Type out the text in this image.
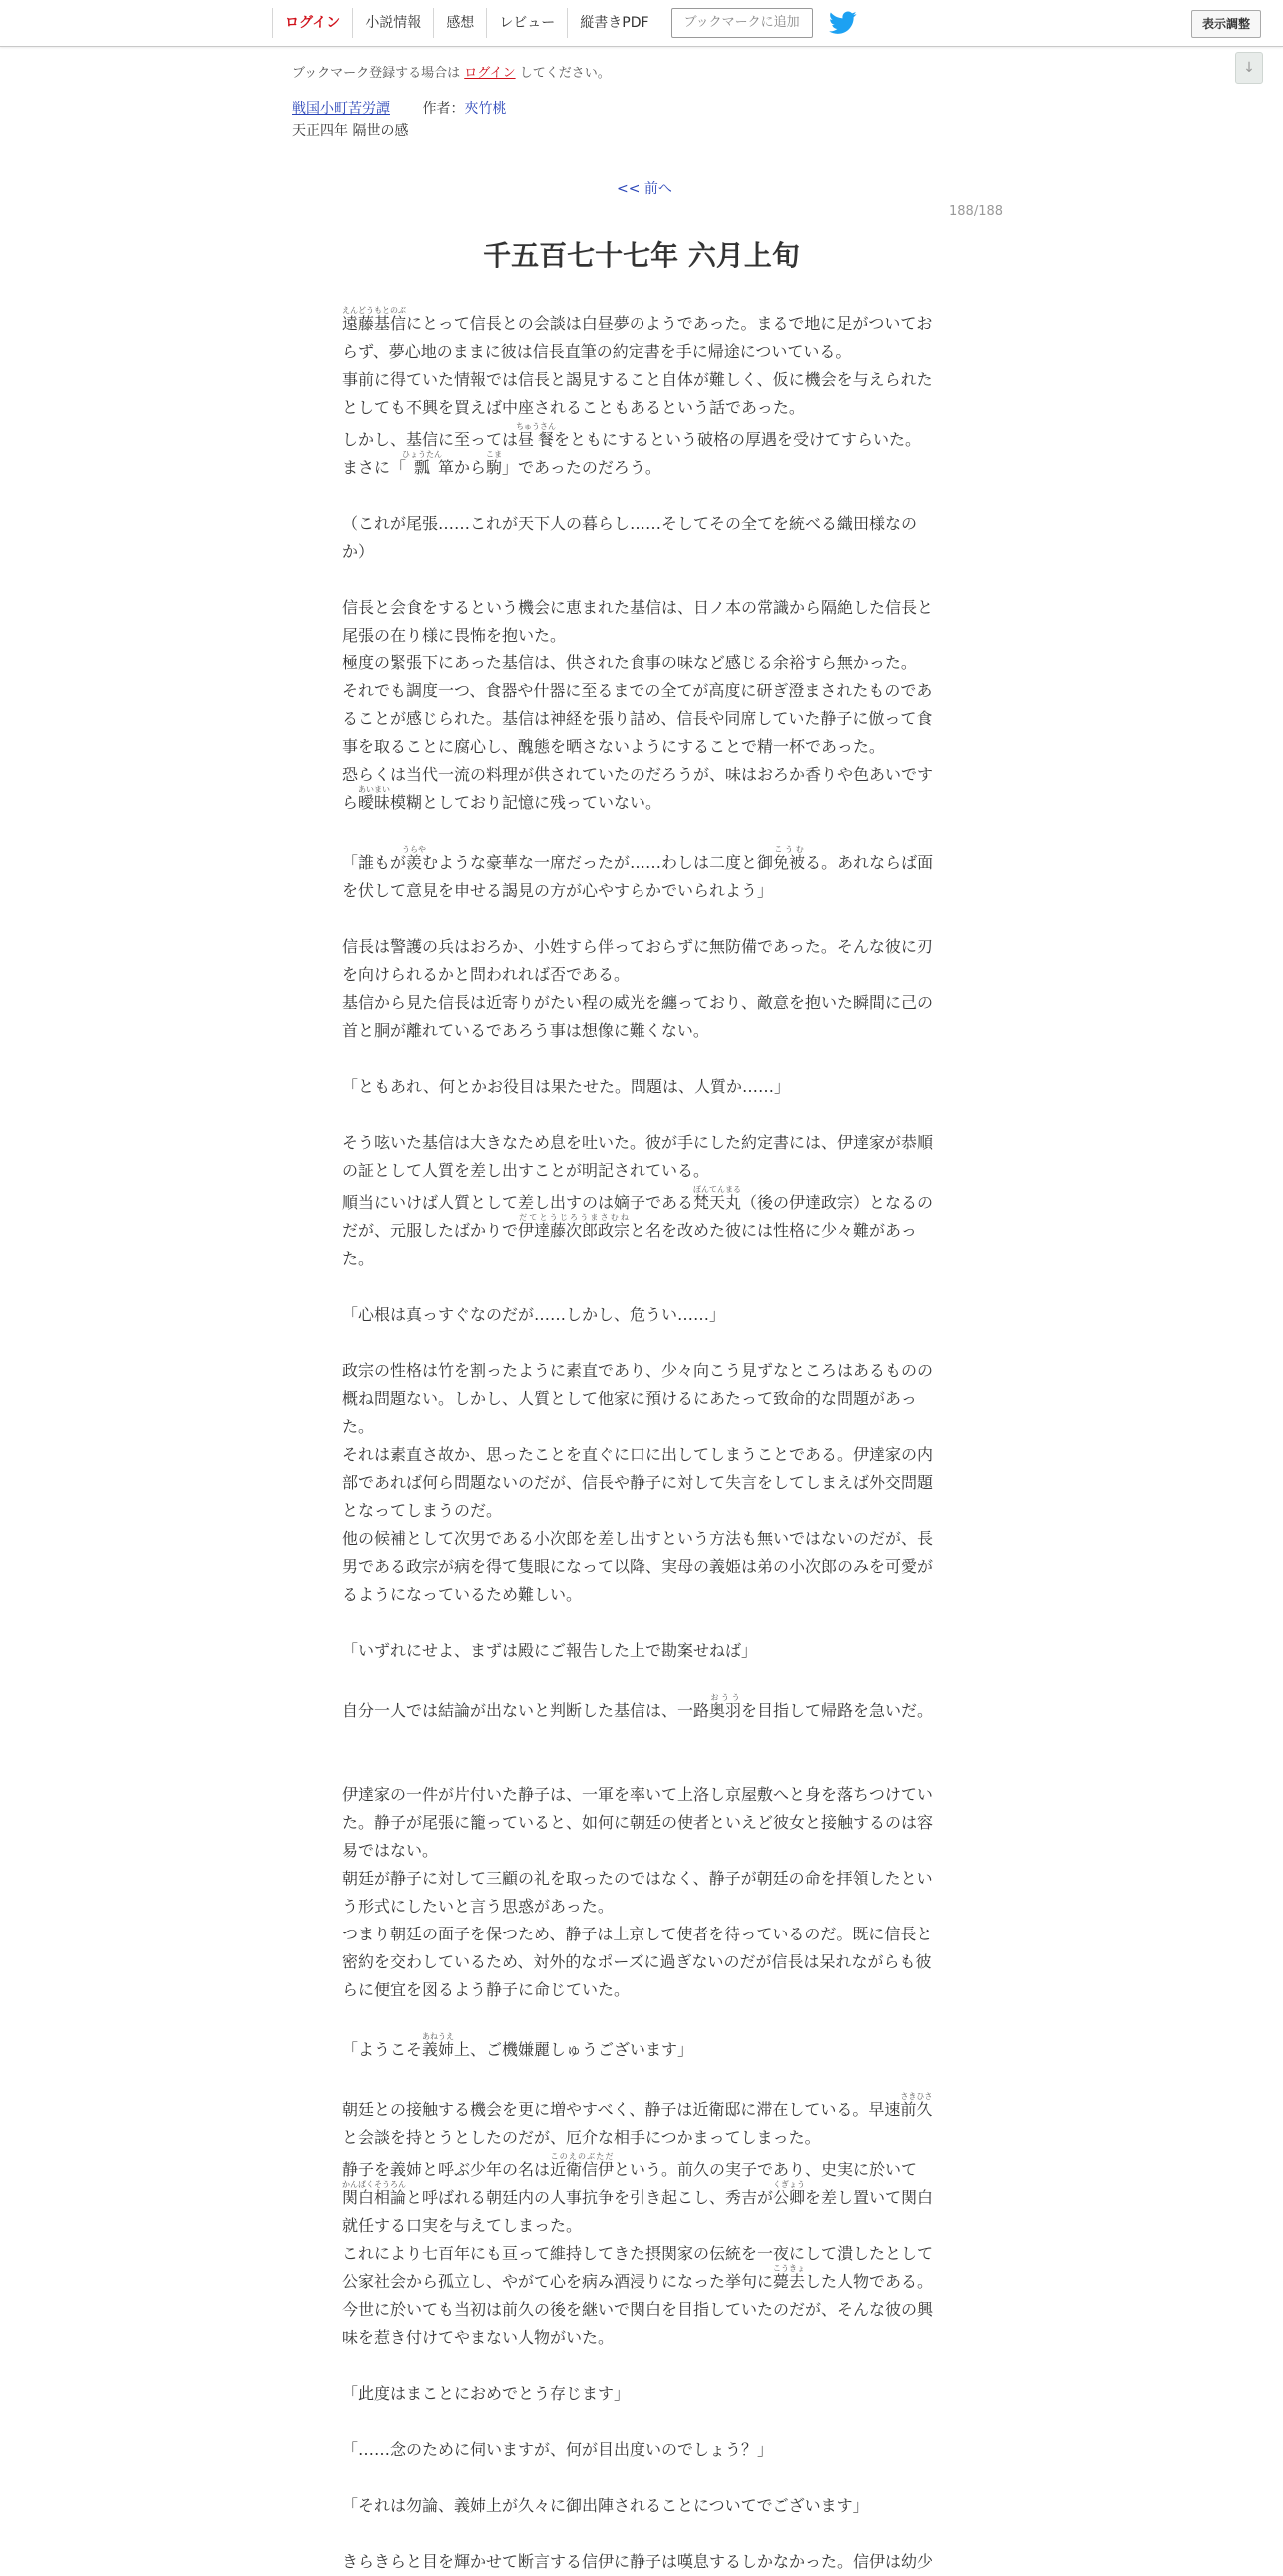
ログイン	小説情報	感想	レビュー	縦書きPDF	ブックマークに追加	表示調整
↓
ブックマーク登録する場合は ログイン してください。
戦国小町苦労譚 作者：夾竹桃
天正四年 隔世の感
<< 前へ
188/188
千五百七十七年 六月上旬

遠藤基信えんどうもとのぶにとって信長との会談は白昼夢のようであった。まるで地に足がついておらず、夢心地のままに彼は信長直筆の約定書を手に帰途についている。

事前に得ていた情報では信長と謁見すること自体が難しく、仮に機会を与えられたとしても不興を買えば中座されることもあるという話であった。

しかし、基信に至っては昼餐ちゅうさんをともにするという破格の厚遇を受けてすらいた。まさに「瓢ひょうたん箪から駒こま」であったのだろう。

（これが尾張……これが天下人の暮らし……そしてその全てを統べる織田様なのか）

信長と会食をするという機会に恵まれた基信は、日ノ本の常識から隔絶した信長と尾張の在り様に畏怖を抱いた。

極度の緊張下にあった基信は、供された食事の味など感じる余裕すら無かった。

それでも調度一つ、食器や什器に至るまでの全てが高度に研ぎ澄まされたものであることが感じられた。基信は神経を張り詰め、信長や同席していた静子に倣って食事を取ることに腐心し、醜態を晒さないようにすることで精一杯であった。

恐らくは当代一流の料理が供されていたのだろうが、味はおろか香りや色あいですら曖昧あいまい模糊としており記憶に残っていない。

「誰もが羨うらやむような豪華な一席だったが……わしは二度と御免被こうむる。あれならば面を伏して意見を申せる謁見の方が心やすらかでいられよう」

信長は警護の兵はおろか、小姓すら伴っておらずに無防備であった。そんな彼に刃を向けられるかと問われれば否である。

基信から見た信長は近寄りがたい程の威光を纏っており、敵意を抱いた瞬間に己の首と胴が離れているであろう事は想像に難くない。

「ともあれ、何とかお役目は果たせた。問題は、人質か……」

そう呟いた基信は大きなため息を吐いた。彼が手にした約定書には、伊達家が恭順の証として人質を差し出すことが明記されている。

順当にいけば人質として差し出すのは嫡子である梵天丸ぼんてんまる（後の伊達政宗）となるのだが、元服したばかりで伊達藤次郎政宗だてとうじろうまさむねと名を改めた彼には性格に少々難があった。

「心根は真っすぐなのだが……しかし、危うい……」

政宗の性格は竹を割ったように素直であり、少々向こう見ずなところはあるものの概ね問題ない。しかし、人質として他家に預けるにあたって致命的な問題があった。

それは素直さ故か、思ったことを直ぐに口に出してしまうことである。伊達家の内部であれば何ら問題ないのだが、信長や静子に対して失言をしてしまえば外交問題となってしまうのだ。

他の候補として次男である小次郎を差し出すという方法も無いではないのだが、長男である政宗が病を得て隻眼になって以降、実母の義姫は弟の小次郎のみを可愛がるようになっているため難しい。

「いずれにせよ、まずは殿にご報告した上で勘案せねば」

自分一人では結論が出ないと判断した基信は、一路奥羽おううを目指して帰路を急いだ。

伊達家の一件が片付いた静子は、一軍を率いて上洛し京屋敷へと身を落ちつけていた。静子が尾張に籠っていると、如何に朝廷の使者といえど彼女と接触するのは容易ではない。

朝廷が静子に対して三顧の礼を取ったのではなく、静子が朝廷の命を拝領したという形式にしたいと言う思惑があった。

つまり朝廷の面子を保つため、静子は上京して使者を待っているのだ。既に信長と密約を交わしているため、対外的なポーズに過ぎないのだが信長は呆れながらも彼らに便宜を図るよう静子に命じていた。

「ようこそ義姉あねうえ上、ご機嫌麗しゅうございます」

朝廷との接触する機会を更に増やすべく、静子は近衛邸に滞在している。早速前久さきひさと会談を持とうとしたのだが、厄介な相手につかまってしまった。

静子を義姉と呼ぶ少年の名は近衛信伊このえのぶただという。前久の実子であり、史実に於いて関白相論かんぱくそうろんと呼ばれる朝廷内の人事抗争を引き起こし、秀吉が公卿くぎょうを差し置いて関白就任する口実を与えてしまった。

これにより七百年にも亘って維持してきた摂関家の伝統を一夜にして潰したとして公家社会から孤立し、やがて心を病み酒浸りになった挙句に薨去こうきょした人物である。

今世に於いても当初は前久の後を継いで関白を目指していたのだが、そんな彼の興味を惹き付けてやまない人物がいた。

「此度はまことにおめでとう存じます」

「……念のために伺いますが、何が目出度いのでしょう？」

「それは勿論、義姉上が久々に御出陣されることについてでございます」

きらきらと目を輝かせて断言する信伊に静子は嘆息するしかなかった。信伊は幼少
